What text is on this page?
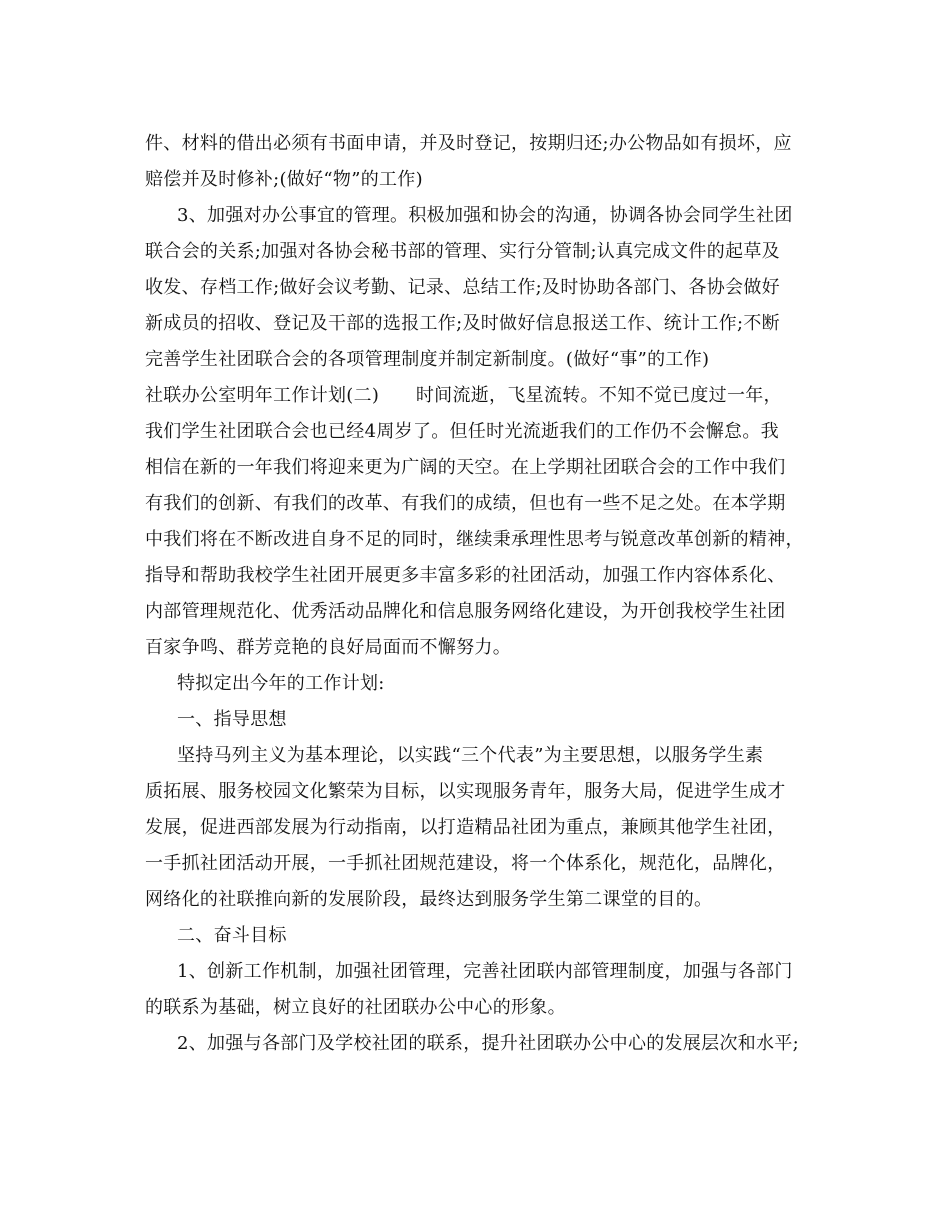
件、材料的借出必须有书面申请，并及时登记，按期归还;办公物品如有损坏，应
赔偿并及时修补;(做好“物”的工作)
3、加强对办公事宜的管理。积极加强和协会的沟通，协调各协会同学生社团
联合会的关系;加强对各协会秘书部的管理、实行分管制;认真完成文件的起草及
收发、存档工作;做好会议考勤、记录、总结工作;及时协助各部门、各协会做好
新成员的招收、登记及干部的选报工作;及时做好信息报送工作、统计工作;不断
完善学生社团联合会的各项管理制度并制定新制度。(做好“事”的工作)
社联办公室明年工作计划(二)　　时间流逝，飞星流转。不知不觉已度过一年，
我们学生社团联合会也已经4周岁了。但任时光流逝我们的工作仍不会懈怠。我
相信在新的一年我们将迎来更为广阔的天空。在上学期社团联合会的工作中我们
有我们的创新、有我们的改革、有我们的成绩，但也有一些不足之处。在本学期
中我们将在不断改进自身不足的同时，继续秉承理性思考与锐意改革创新的精神，
指导和帮助我校学生社团开展更多丰富多彩的社团活动，加强工作内容体系化、
内部管理规范化、优秀活动品牌化和信息服务网络化建设，为开创我校学生社团
百家争鸣、群芳竞艳的良好局面而不懈努力。
特拟定出今年的工作计划:
一、指导思想
坚持马列主义为基本理论，以实践“三个代表”为主要思想，以服务学生素
质拓展、服务校园文化繁荣为目标，以实现服务青年，服务大局，促进学生成才
发展，促进西部发展为行动指南，以打造精品社团为重点，兼顾其他学生社团，
一手抓社团活动开展，一手抓社团规范建设，将一个体系化，规范化，品牌化，
网络化的社联推向新的发展阶段，最终达到服务学生第二课堂的目的。
二、奋斗目标
1、创新工作机制，加强社团管理，完善社团联内部管理制度，加强与各部门
的联系为基础，树立良好的社团联办公中心的形象。
2、加强与各部门及学校社团的联系，提升社团联办公中心的发展层次和水平;
